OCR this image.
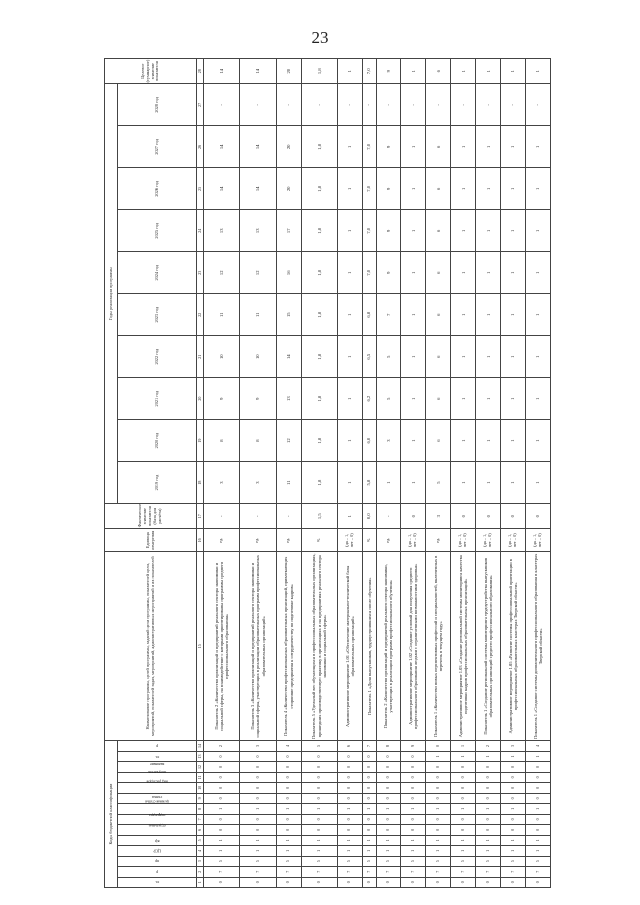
23
Коды бюджетной классификации														Наименование программы, целей программы, заданий цели программы, показателей цели, мероприятий, показателей задач, мероприятий, административных мероприятий и их показателей	Единица измерения	Фактическое значение показателя (база для расчёта)	Годы реализации программы										Целевое (суммарное) значение показателя
гл.	р	пр	ЦСР	в/р	отдельные	подраздел	целевая статья	статья	вид расходов	получатель	значение	гл.	р				2019 год	2020 год	2021 год	2022 год	2023 год	2024 год	2025 год	2026 год	2027 год	2028 год	
1	2	3	4	5	6	7	8	9	10	11	12	13	14	15	16	17	18	19	20	21	22	23	24	25	26	27	28
0	7	5	1	1	0	0	1	0	0	0	0	0	2	Показатель 2 «Количество организаций и предприятий реального сектора экономики и социальной сферы, на взаимодействие с которыми ориентированы программы среднего профессионального образования»	ед.	-	3	8	9	10	11	12	13	14	14	-	14
0	7	5	1	1	0	0	1	0	0	0	0	0	3	Показатель 3 «Количество организаций и предприятий реального сектора экономики и социальной сферы, участвующих в реализации образовательных программ профессиональных образовательных организаций»	ед.	-	3	8	9	10	11	12	13	14	14	-	14
0	7	5	1	1	0	0	1	0	0	0	0	0	4	Показатель 4 «Количество профессиональных образовательных организаций, привлекающих сторонние предприятия к сотрудничеству по подготовке кадров»	ед.	-	11	12	13	14	15	16	17	20	20	-	20
0	7	5	1	1	0	0	1	0	0	0	0	0	5	Показатель 5 «Удельный вес обучающихся в профессиональных образовательных организациях, прошедших производственную практику в организациях и на предприятиях реального сектора экономики и социальной сферы»	%	1,5	1,8	1,8	1,8	1,8	1,8	1,8	1,8	1,8	1,8	-	1,8
0	7	5	1	1	0	0	1	0	0	0	0	0	6	Административное мероприятие 1.01 «Обеспечение материально-технической базы образовательных организаций»	(да – 1, нет – 0)	1	1	1	1	1	1	1	1	1	1	-	1
0	7	5	1	1	0	0	1	0	0	0	0	0	7	Показатель 1 «Доля выпускников, трудоустроившихся после обучения»	%	0,0	5,8	6,0	6,2	6,5	6,8	7,0	7,0	7,0	7,0	-	7,0
0	7	5	1	1	0	0	1	0	0	0	0	0	8	Показатель 2 «Количество организаций и предприятий реального сектора экономики, участвующих в реализации программ профессионального обучения»	ед.	-	1	3	5	5	7	9	9	9	9	-	9
0	7	5	1	1	0	0	1	0	0	0	0	0	9	Административное мероприятие 1.02 «Создание условий для получения среднего профессионального образования людьми с ограниченными возможностями здоровья»	(да – 1, нет – 0)	0	1	1	1	1	1	1	1	1	1	-	1
0	7	5	1	1	0	0	1	0	0	0	0	1	0	Показатель 1 «Количество новых перспективных профессий и специальностей, включенных в перечень в текущем году»	ед.	3	5	6	6	6	6	6	6	6	6	-	6
0	7	5	1	1	0	0	1	0	0	0	0	1	1	Административное мероприятие 1.03 «Создание региональной системы мониторинга качества подготовки кадров профессиональных образовательных организаций»	(да – 1, нет – 0)	0	1	1	1	1	1	1	1	1	1	-	1
0	7	5	1	1	0	0	1	0	0	0	0	1	2	Показатель 1 «Создание региональной системы мониторинга трудоустройства выпускников образовательных организаций среднего профессионального образования»	(да – 1, нет – 0)	0	1	1	1	1	1	1	1	1	1	-	1
0	7	5	1	1	0	0	1	0	0	0	0	1	3	Административное мероприятие 1.05 «Развитие системы профессиональной ориентации в профессиональных образовательных кластерах Тверской области»	(да – 1, нет – 0)	0	1	1	1	1	1	1	1	1	1	-	1
0	7	5	1	1	0	0	1	0	0	0	0	1	4	Показатель 1 «Создание системы дополнительного профессионального образования в кластерах Тверской области»	(да – 1, нет – 0)	0	1	1	1	1	1	1	1	1	1	-	1
